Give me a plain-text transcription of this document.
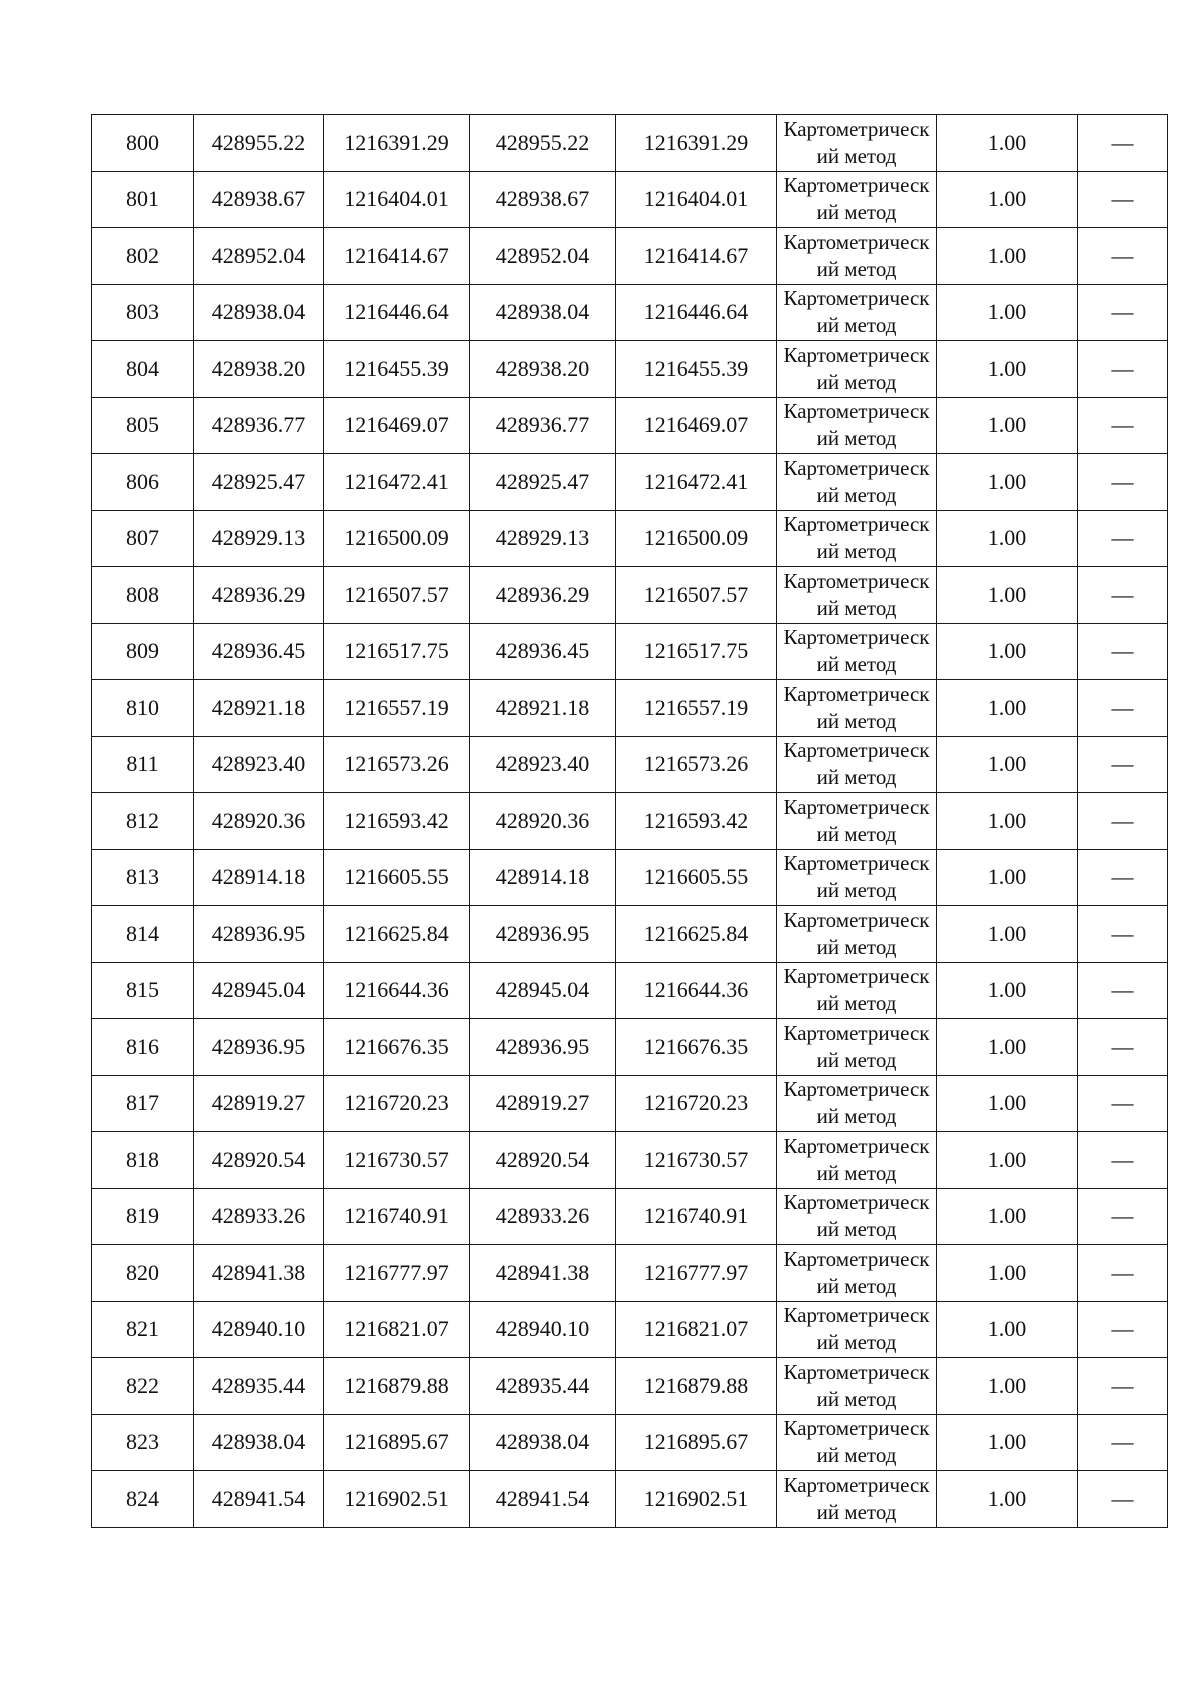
800	428955.22	1216391.29	428955.22	1216391.29	Картометрический метод	1.00	—
801	428938.67	1216404.01	428938.67	1216404.01	Картометрический метод	1.00	—
802	428952.04	1216414.67	428952.04	1216414.67	Картометрический метод	1.00	—
803	428938.04	1216446.64	428938.04	1216446.64	Картометрический метод	1.00	—
804	428938.20	1216455.39	428938.20	1216455.39	Картометрический метод	1.00	—
805	428936.77	1216469.07	428936.77	1216469.07	Картометрический метод	1.00	—
806	428925.47	1216472.41	428925.47	1216472.41	Картометрический метод	1.00	—
807	428929.13	1216500.09	428929.13	1216500.09	Картометрический метод	1.00	—
808	428936.29	1216507.57	428936.29	1216507.57	Картометрический метод	1.00	—
809	428936.45	1216517.75	428936.45	1216517.75	Картометрический метод	1.00	—
810	428921.18	1216557.19	428921.18	1216557.19	Картометрический метод	1.00	—
811	428923.40	1216573.26	428923.40	1216573.26	Картометрический метод	1.00	—
812	428920.36	1216593.42	428920.36	1216593.42	Картометрический метод	1.00	—
813	428914.18	1216605.55	428914.18	1216605.55	Картометрический метод	1.00	—
814	428936.95	1216625.84	428936.95	1216625.84	Картометрический метод	1.00	—
815	428945.04	1216644.36	428945.04	1216644.36	Картометрический метод	1.00	—
816	428936.95	1216676.35	428936.95	1216676.35	Картометрический метод	1.00	—
817	428919.27	1216720.23	428919.27	1216720.23	Картометрический метод	1.00	—
818	428920.54	1216730.57	428920.54	1216730.57	Картометрический метод	1.00	—
819	428933.26	1216740.91	428933.26	1216740.91	Картометрический метод	1.00	—
820	428941.38	1216777.97	428941.38	1216777.97	Картометрический метод	1.00	—
821	428940.10	1216821.07	428940.10	1216821.07	Картометрический метод	1.00	—
822	428935.44	1216879.88	428935.44	1216879.88	Картометрический метод	1.00	—
823	428938.04	1216895.67	428938.04	1216895.67	Картометрический метод	1.00	—
824	428941.54	1216902.51	428941.54	1216902.51	Картометрический метод	1.00	—
